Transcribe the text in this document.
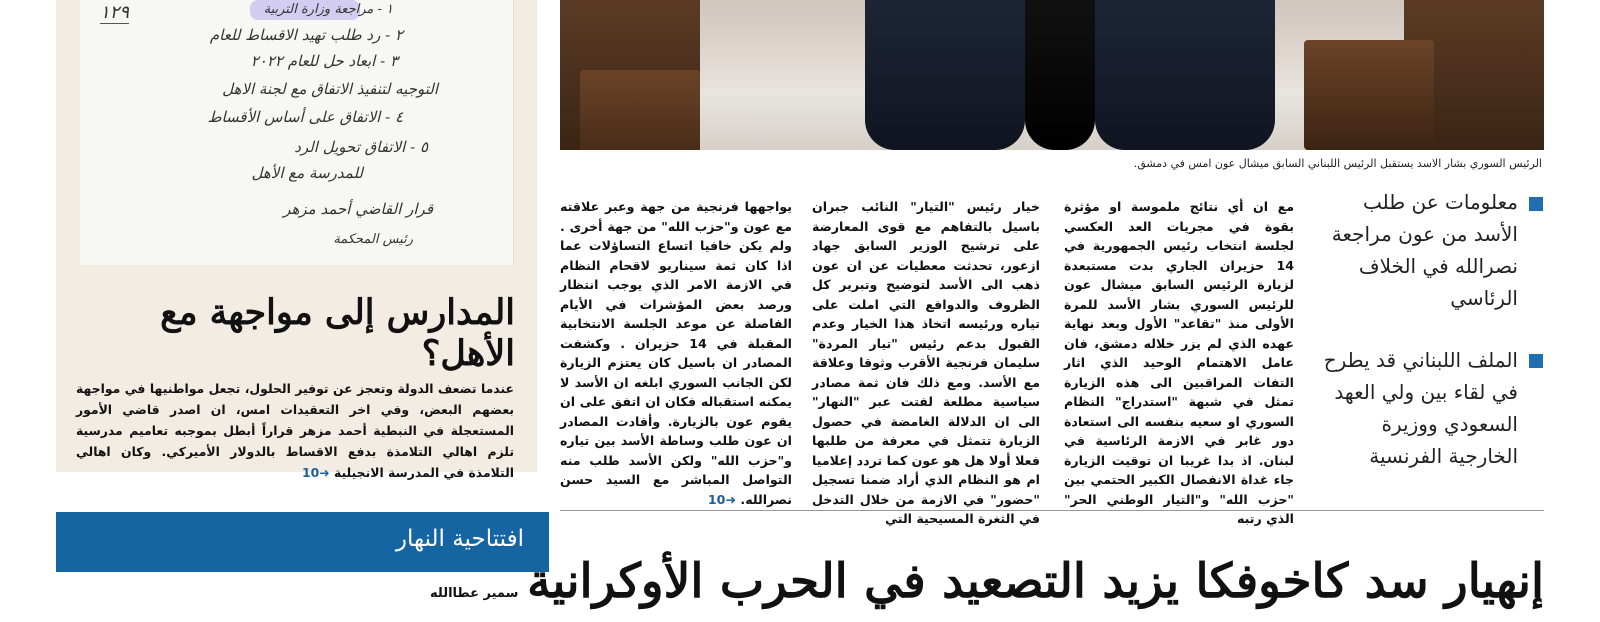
١ - مراجعة وزارة التربية
٢ - رد طلب تهيد الاقساط للعام
٣ - ابعاد حل للعام ٢٠٢٢
التوجيه لتنفيذ الاتفاق مع لجنة الاهل
٤ - الاتفاق على أساس الأقساط
٥ - الاتفاق تحويل الرد
للمدرسة مع الأهل
قرار القاضي أحمد مزهر
رئيس المحكمة
١٢٩
المدارس إلى مواجهة مع الأهل؟
عندما تضعف الدولة وتعجز عن توفير الحلول، تجعل مواطنيها في مواجهة بعضهم البعض، وفي اخر التعقيدات امس، ان اصدر قاضي الأمور المستعجلة في النبطية أحمد مزهر قراراً أبطل بموجبه تعاميم مدرسية تلزم اهالي التلامذة بدفع الاقساط بالدولار الأميركي. وكان اهالي التلامذة في المدرسة الانجيلية ➜10
الرئيس السوري بشار الاسد يستقبل الرئيس اللبناني السابق ميشال عون امس في دمشق.
مع ان أي نتائج ملموسة او مؤثرة بقوة في مجريات العد العكسي لجلسة انتخاب رئيس الجمهورية في 14 حزيران الجاري بدت مستبعدة لزيارة الرئيس السابق ميشال عون للرئيس السوري بشار الأسد للمرة الأولى منذ "تقاعد" الأول وبعد نهاية عهده الذي لم يزر خلاله دمشق، فان عامل الاهتمام الوحيد الذي اثار التفات المراقبين الى هذه الزيارة تمثل في شبهة "استدراج" النظام السوري او سعيه بنفسه الى استعادة دور غابر في الازمة الرئاسية في لبنان. اذ بدا غريبا ان توقيت الزيارة جاء غداة الانفصال الكبير الحتمي بين "حزب الله" و"التيار الوطني الحر" الذي رتبه
خيار رئيس "التيار" النائب جبران باسيل بالتفاهم مع قوى المعارضة على ترشيح الوزير السابق جهاد ازعور، تحدثت معطيات عن ان عون ذهب الى الأسد لتوضيح وتبرير كل الظروف والدوافع التي املت على تياره ورئيسه اتخاذ هذا الخيار وعدم القبول بدعم رئيس "تيار المردة" سليمان فرنجية الأقرب وثوقا وعلاقة مع الأسد. ومع ذلك فان ثمة مصادر سياسية مطلعة لفتت عبر "النهار" الى ان الدلالة الغامضة في حصول الزيارة تتمثل في معرفة من طلبها فعلا أولا هل هو عون كما تردد إعلاميا ام هو النظام الذي أراد ضمنا تسجيل "حضور" في الازمة من خلال التدخل في الثغرة المسيحية التي
يواجهها فرنجية من جهة وعبر علاقته مع عون و"حزب الله" من جهة أخرى . ولم يكن خافيا اتساع التساؤلات عما اذا كان ثمة سيناريو لاقحام النظام في الازمة الامر الذي يوجب انتظار ورصد بعض المؤشرات في الأيام الفاصلة عن موعد الجلسة الانتخابية المقبلة في 14 حزيران . وكشفت المصادر ان باسيل كان يعتزم الزيارة لكن الجانب السوري ابلغه ان الأسد لا يمكنه استقباله فكان ان اتفق على ان يقوم عون بالزيارة. وأفادت المصادر ان عون طلب وساطة الأسد بين تياره و"حزب الله" ولكن الأسد طلب منه التواصل المباشر مع السيد حسن نصرالله. ➜10
معلومات عن طلب الأسد من عون مراجعة نصرالله في الخلاف الرئاسي
الملف اللبناني قد يطرح في لقاء بين ولي العهد السعودي ووزيرة الخارجية الفرنسية
افتتاحية النهار
سمير عطاالله إنهيار سد كاخوفكا يزيد التصعيد في الحرب الأوكرانية
